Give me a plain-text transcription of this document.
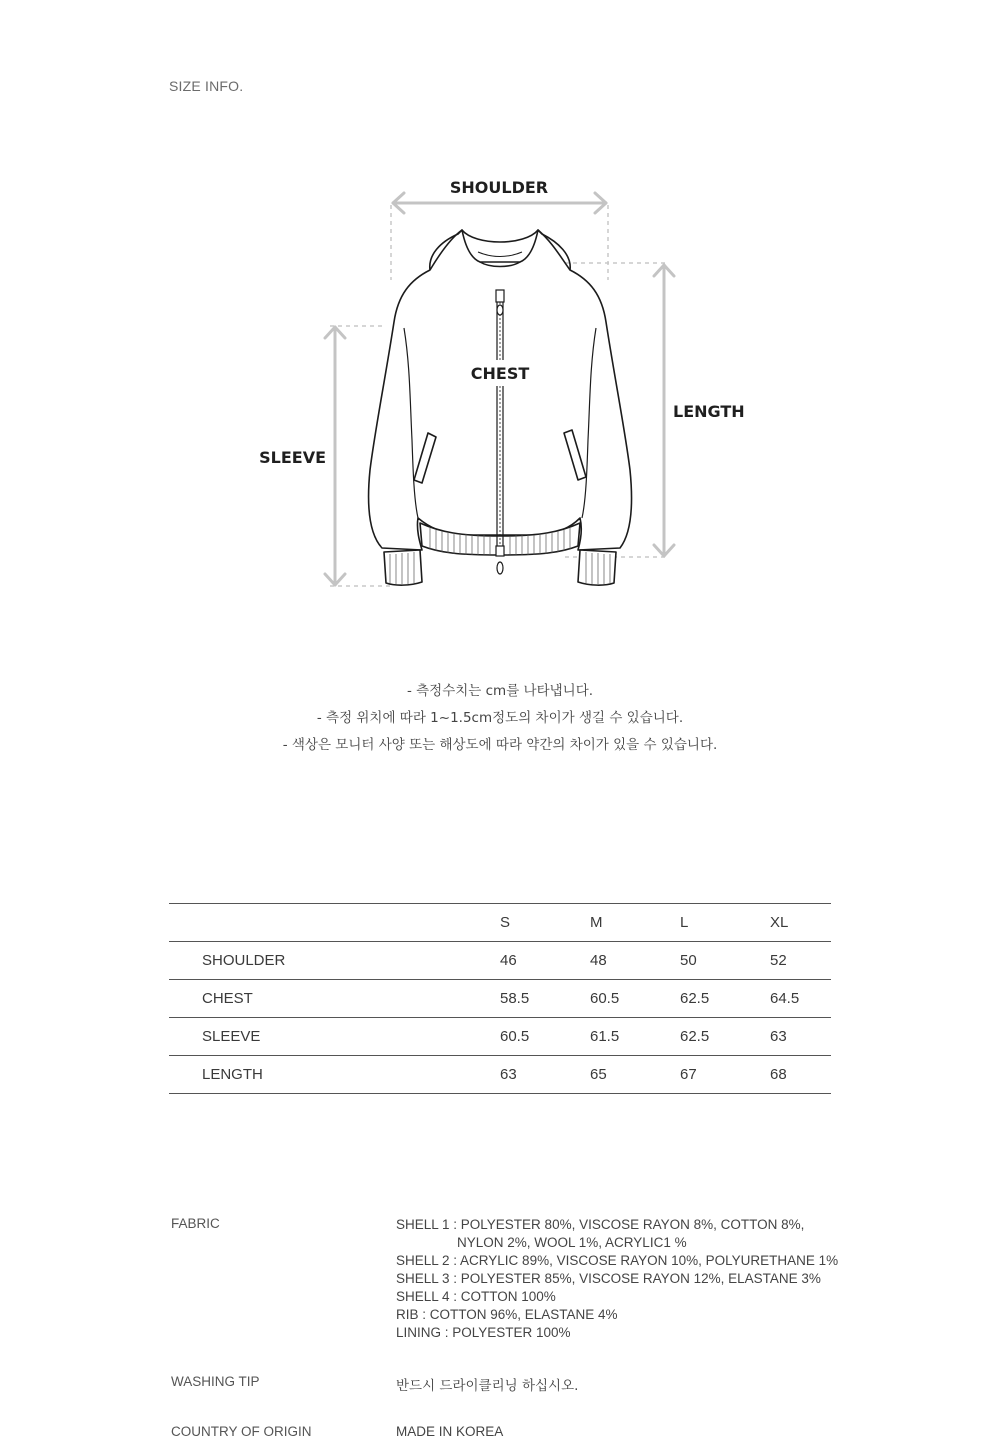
SIZE INFO.
SHOULDER
CHEST
LENGTH
SLEEVE
- 측정수치는 cm를 나타냅니다.
- 측정 위치에 따라 1~1.5cm정도의 차이가 생길 수 있습니다.
- 색상은 모니터 사양 또는 해상도에 따라 약간의 차이가 있을 수 있습니다.
	S	M	L	XL
SHOULDER	46	48	50	52
CHEST	58.5	60.5	62.5	64.5
SLEEVE	60.5	61.5	62.5	63
LENGTH	63	65	67	68
FABRIC	SHELL 1 : POLYESTER 80%, VISCOSE RAYON 8%, COTTON 8%,
NYLON 2%, WOOL 1%, ACRYLIC1 %
SHELL 2 : ACRYLIC 89%, VISCOSE RAYON 10%, POLYURETHANE 1%
SHELL 3 : POLYESTER 85%, VISCOSE RAYON 12%, ELASTANE 3%
SHELL 4 : COTTON 100%
RIB : COTTON 96%, ELASTANE 4%
LINING : POLYESTER 100%
WASHING TIP	반드시 드라이클리닝 하십시오.
COUNTRY OF ORIGIN	MADE IN KOREA
